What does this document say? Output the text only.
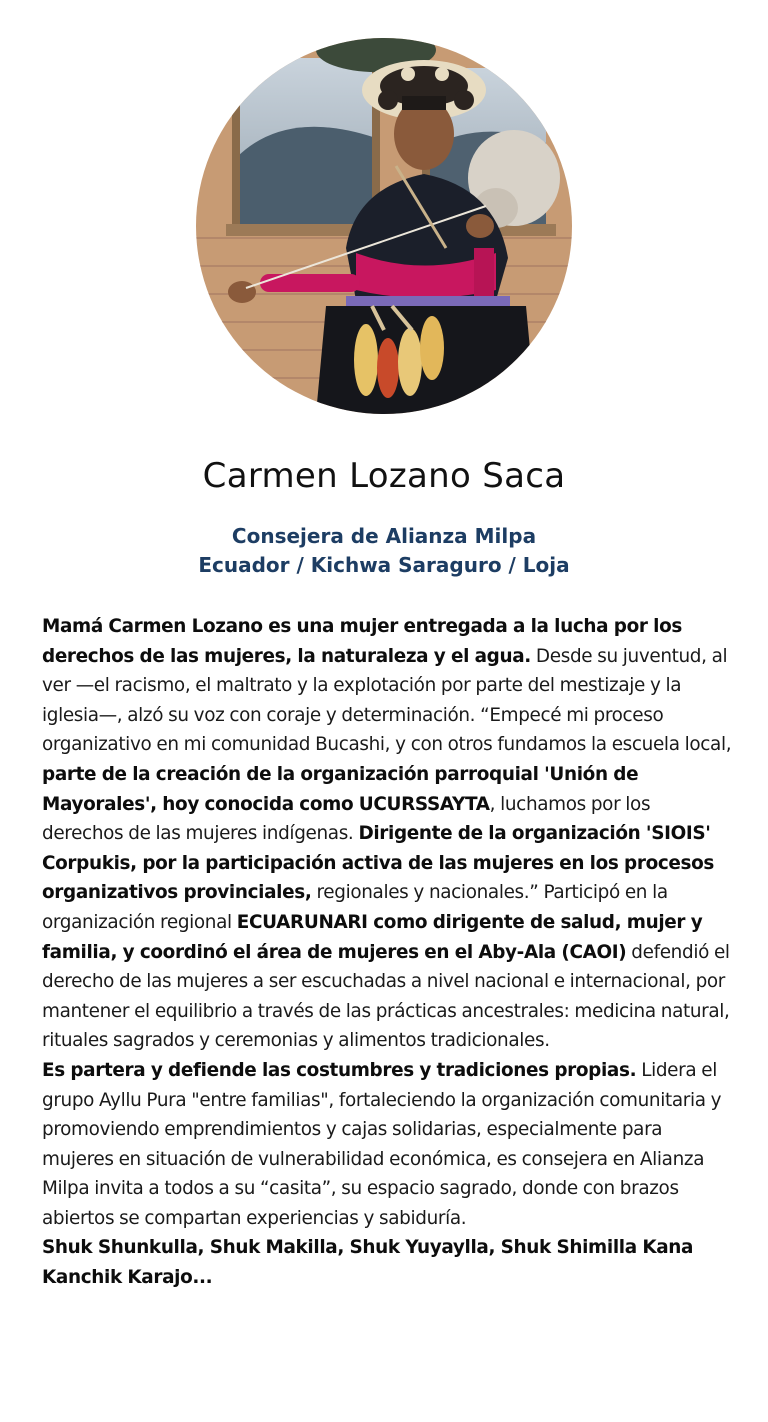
Carmen Lozano Saca
Consejera de Alianza Milpa
Ecuador / Kichwa Saraguro / Loja

Mamá Carmen Lozano es una mujer entregada a la lucha por los derechos de las mujeres, la naturaleza y el agua. Desde su juventud, al ver —el racismo, el maltrato y la explotación por parte del mestizaje y la iglesia—, alzó su voz con coraje y determinación. “Empecé mi proceso organizativo en mi comunidad Bucashi, y con otros fundamos la escuela local, parte de la creación de la organización parroquial 'Unión de Mayorales', hoy conocida como UCURSSAYTA, luchamos por los derechos de las mujeres indígenas. Dirigente de la organización 'SIOIS' Corpukis, por la participación activa de las mujeres en los procesos organizativos provinciales, regionales y nacionales.” Participó en la organización regional ECUARUNARI como dirigente de salud, mujer y familia, y coordinó el área de mujeres en el Aby-Ala (CAOI) defendió el derecho de las mujeres a ser escuchadas a nivel nacional e internacional, por mantener el equilibrio a través de las prácticas ancestrales: medicina natural, rituales sagrados y ceremonias y alimentos tradicionales.

Es partera y defiende las costumbres y tradiciones propias. Lidera el grupo Ayllu Pura "entre familias", fortaleciendo la organización comunitaria y promoviendo emprendimientos y cajas solidarias, especialmente para mujeres en situación de vulnerabilidad económica, es consejera en Alianza Milpa invita a todos a su “casita”, su espacio sagrado, donde con brazos abiertos se compartan experiencias y sabiduría.

Shuk Shunkulla, Shuk Makilla, Shuk Yuyaylla, Shuk Shimilla Kana Kanchik Karajo...
